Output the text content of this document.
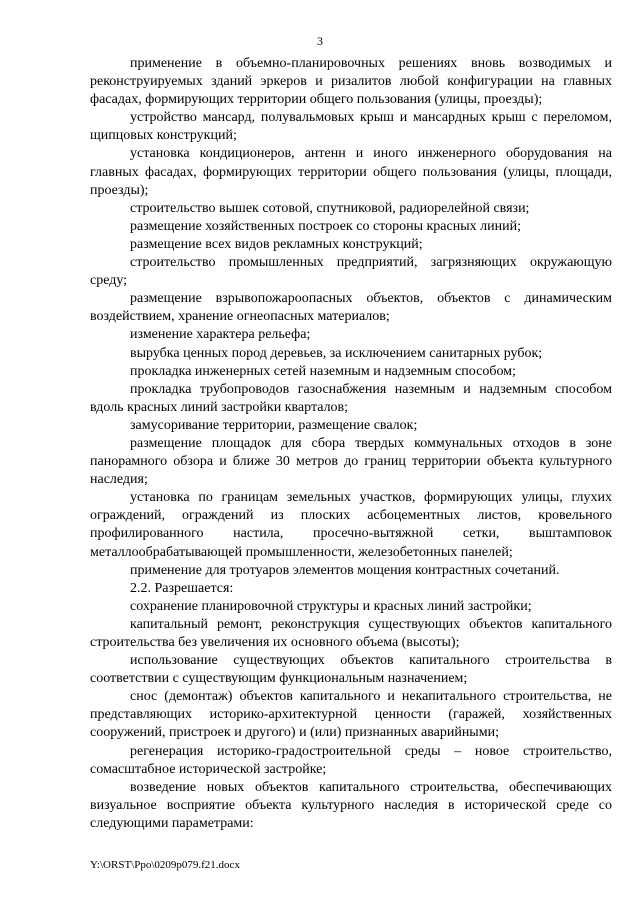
3

применение в объемно-планировочных решениях вновь возводимых и реконструируемых зданий эркеров и ризалитов любой конфигурации на главных фасадах, формирующих территории общего пользования (улицы, проезды);

устройство мансард, полувальмовых крыш и мансардных крыш с переломом, щипцовых конструкций;

установка кондиционеров, антенн и иного инженерного оборудования на главных фасадах, формирующих территории общего пользования (улицы, площади, проезды);

строительство вышек сотовой, спутниковой, радиорелейной связи;

размещение хозяйственных построек со стороны красных линий;

размещение всех видов рекламных конструкций;

строительство промышленных предприятий, загрязняющих окружающую среду;

размещение взрывопожароопасных объектов, объектов с динамическим воздействием, хранение огнеопасных материалов;

изменение характера рельефа;

вырубка ценных пород деревьев, за исключением санитарных рубок;

прокладка инженерных сетей наземным и надземным способом;

прокладка трубопроводов газоснабжения наземным и надземным способом вдоль красных линий застройки кварталов;

замусоривание территории, размещение свалок;

размещение площадок для сбора твердых коммунальных отходов в зоне панорамного обзора и ближе 30 метров до границ территории объекта культурного наследия;

установка по границам земельных участков, формирующих улицы, глухих ограждений, ограждений из плоских асбоцементных листов, кровельного профилированного настила, просечно-вытяжной сетки, выштамповок металлообрабатывающей промышленности, железобетонных панелей;

применение для тротуаров элементов мощения контрастных сочетаний.

2.2. Разрешается:

сохранение планировочной структуры и красных линий застройки;

капитальный ремонт, реконструкция существующих объектов капитального строительства без увеличения их основного объема (высоты);

использование существующих объектов капитального строительства в соответствии с существующим функциональным назначением;

снос (демонтаж) объектов капитального и некапитального строительства, не представляющих историко-архитектурной ценности (гаражей, хозяйственных сооружений, пристроек и другого) и (или) признанных аварийными;

регенерация историко-градостроительной среды – новое строительство, сомасштабное исторической застройке;

возведение новых объектов капитального строительства, обеспечивающих визуальное восприятие объекта культурного наследия в исторической среде со следующими параметрами:

Y:\ORST\Ppo\0209p079.f21.docx
